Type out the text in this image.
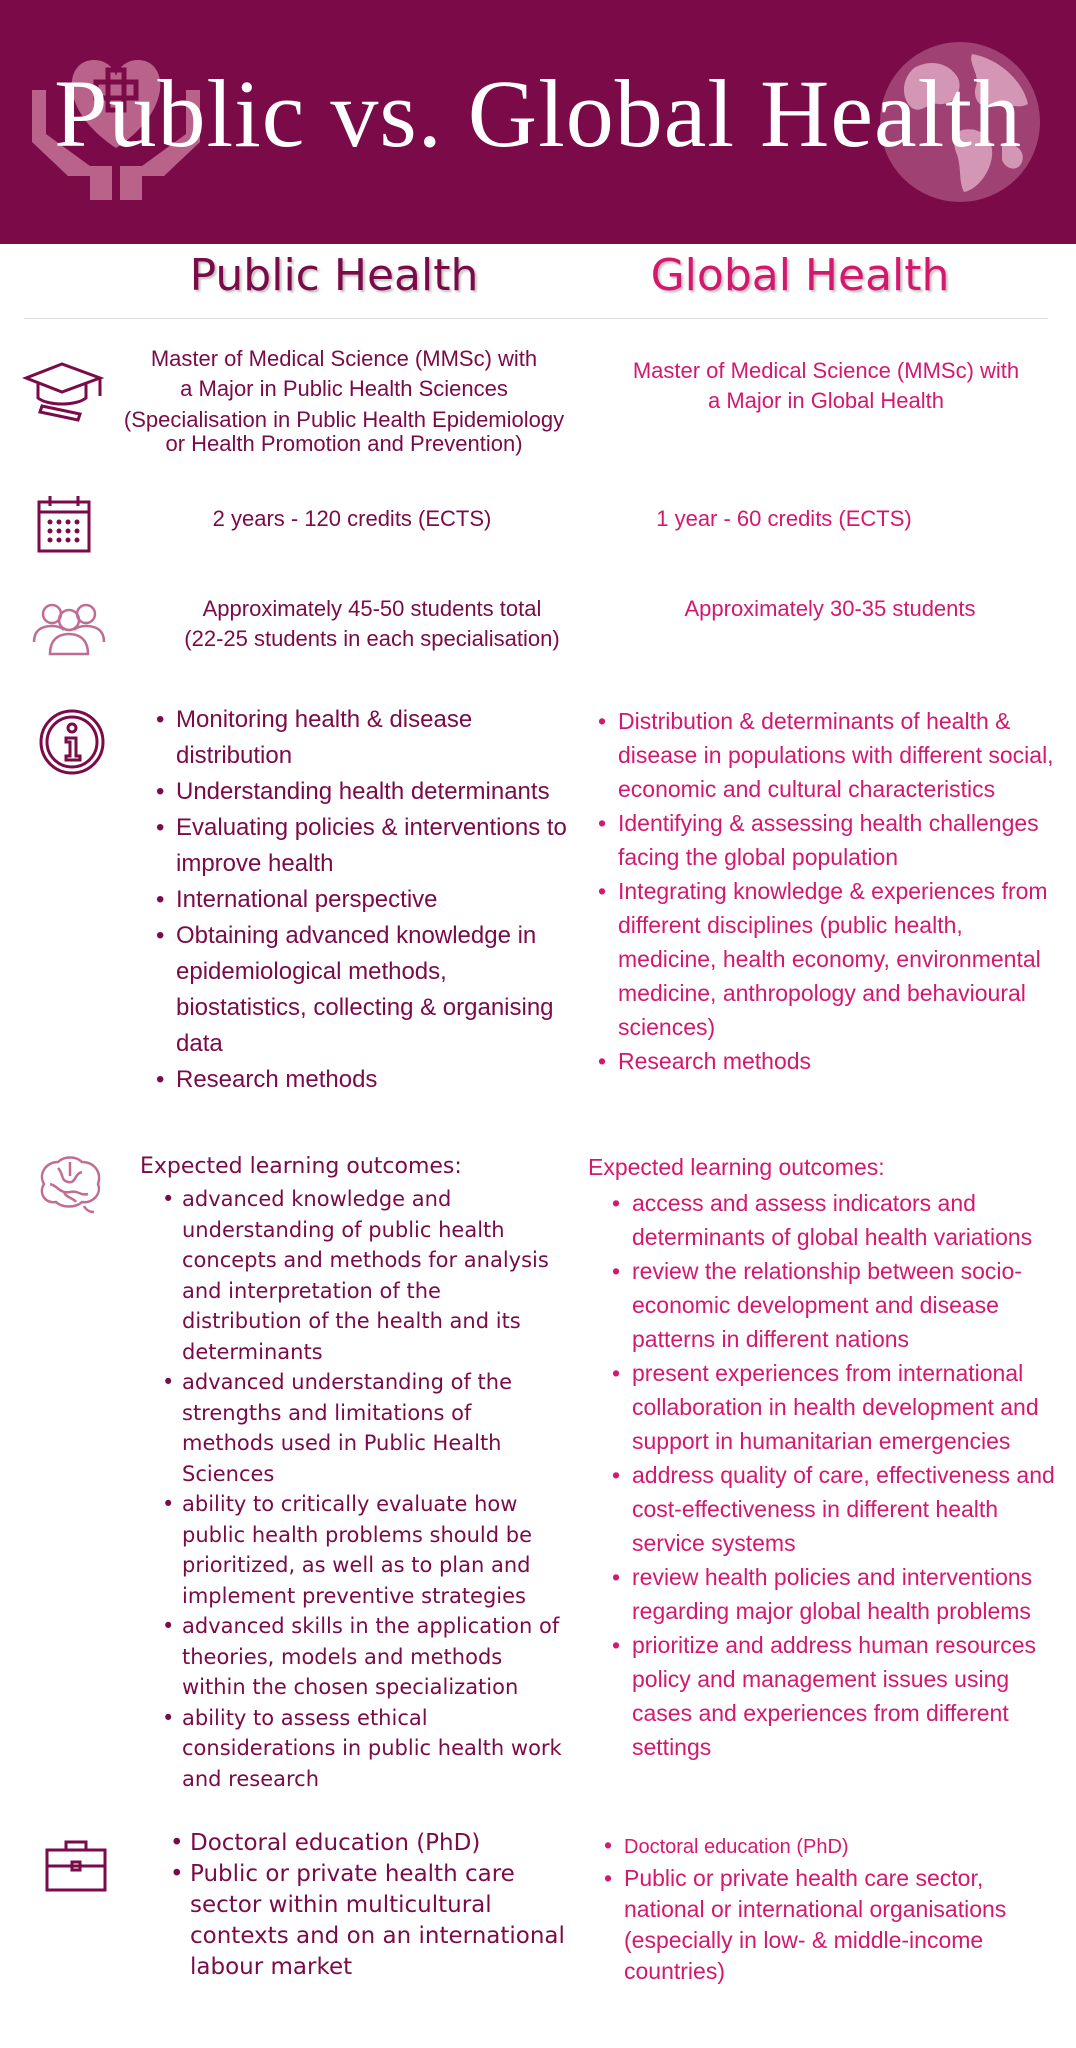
Public vs. Global Health
Public Health	Global Health
Master of Medical Science (MMSc) with
a Major in Public Health Sciences
(Specialisation in Public Health Epidemiology
or Health Promotion and Prevention)
Master of Medical Science (MMSc) with
a Major in Global Health
2 years - 120 credits (ECTS)	1 year - 60 credits (ECTS)
Approximately 45-50 students total
(22-25 students in each specialisation)
Approximately 30-35 students
• Monitoring health & disease distribution
• Understanding health determinants
• Evaluating policies & interventions to improve health
• International perspective
• Obtaining advanced knowledge in epidemiological methods, biostatistics, collecting & organising data
• Research methods
• Distribution & determinants of health & disease in populations with different social, economic and cultural characteristics
• Identifying & assessing health challenges facing the global population
• Integrating knowledge & experiences from different disciplines (public health, medicine, health economy, environmental medicine, anthropology and behavioural sciences)
• Research methods
Expected learning outcomes:
• advanced knowledge and understanding of public health concepts and methods for analysis and interpretation of the distribution of the health and its determinants
• advanced understanding of the strengths and limitations of methods used in Public Health Sciences
• ability to critically evaluate how public health problems should be prioritized, as well as to plan and implement preventive strategies
• advanced skills in the application of theories, models and methods within the chosen specialization
• ability to assess ethical considerations in public health work and research
Expected learning outcomes:
• access and assess indicators and determinants of global health variations
• review the relationship between socio-economic development and disease patterns in different nations
• present experiences from international collaboration in health development and support in humanitarian emergencies
• address quality of care, effectiveness and cost-effectiveness in different health service systems
• review health policies and interventions regarding major global health problems
• prioritize and address human resources policy and management issues using cases and experiences from different settings
• Doctoral education (PhD)
• Public or private health care sector within multicultural contexts and on an international labour market
• Doctoral education (PhD)
• Public or private health care sector, national or international organisations (especially in low- & middle-income countries)
